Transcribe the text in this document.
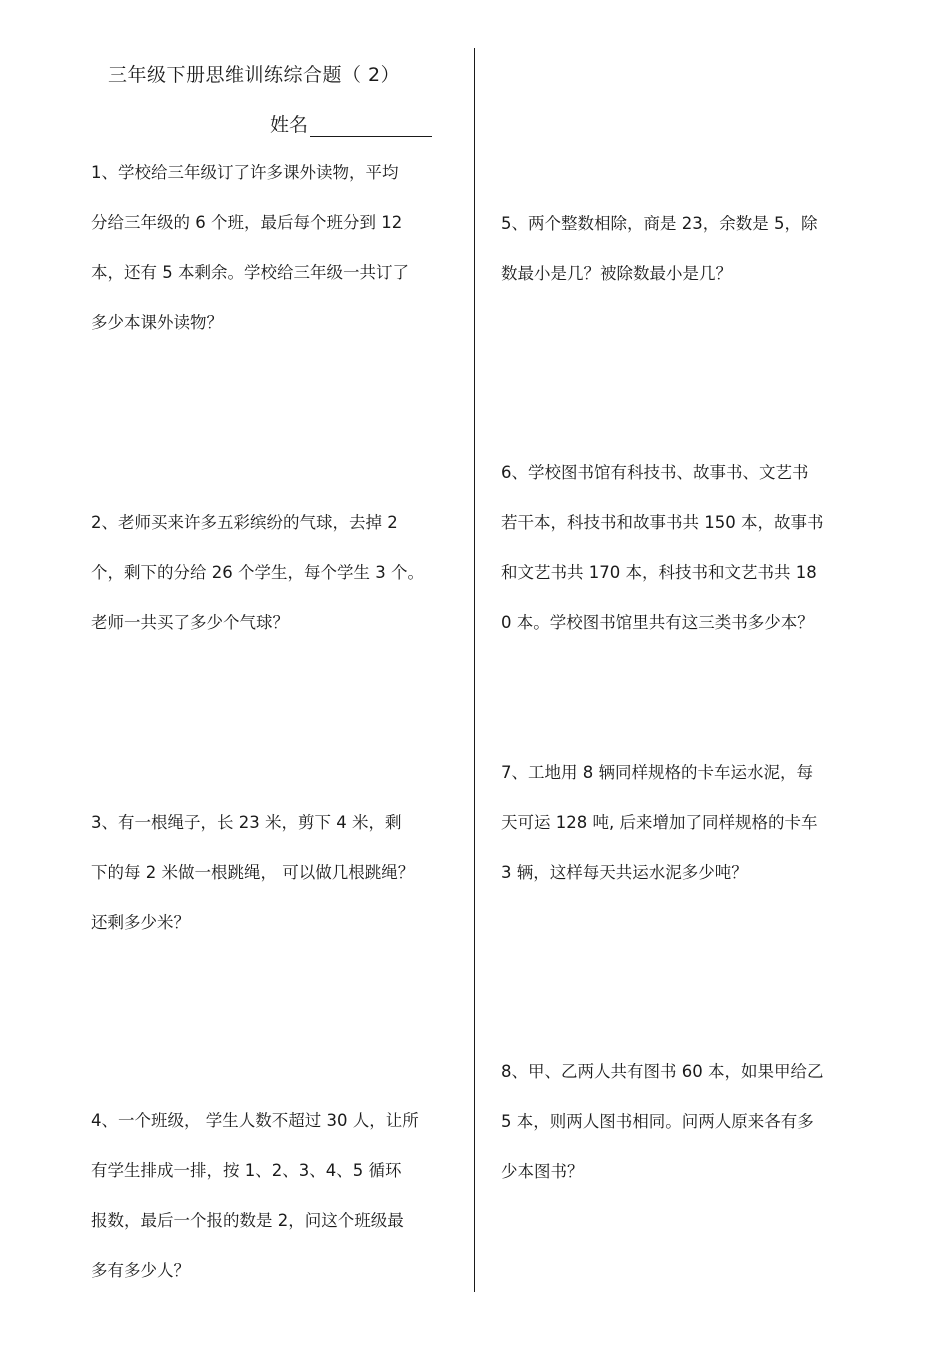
三年级下册思维训练综合题（ 2）
姓名
1、学校给三年级订了许多课外读物，平均
分给三年级的 6 个班，最后每个班分到 12
本，还有 5 本剩余。学校给三年级一共订了
多少本课外读物？
2、老师买来许多五彩缤纷的气球，去掉 2
个，剩下的分给 26 个学生，每个学生 3 个。
老师一共买了多少个气球？
3、有一根绳子，长 23 米，剪下 4 米，剩
下的每 2 米做一根跳绳， 可以做几根跳绳？
还剩多少米？
4、一个班级， 学生人数不超过 30 人，让所
有学生排成一排，按 1、2、3、4、5 循环
报数，最后一个报的数是 2，问这个班级最
多有多少人？
5、两个整数相除，商是 23，余数是 5，除
数最小是几？被除数最小是几？
6、学校图书馆有科技书、故事书、文艺书
若干本，科技书和故事书共 150 本，故事书
和文艺书共 170 本，科技书和文艺书共 18
0 本。学校图书馆里共有这三类书多少本？
7、工地用 8 辆同样规格的卡车运水泥，每
天可运 128 吨, 后来增加了同样规格的卡车
3 辆，这样每天共运水泥多少吨？
8、甲、乙两人共有图书 60 本，如果甲给乙
5 本，则两人图书相同。问两人原来各有多
少本图书？
